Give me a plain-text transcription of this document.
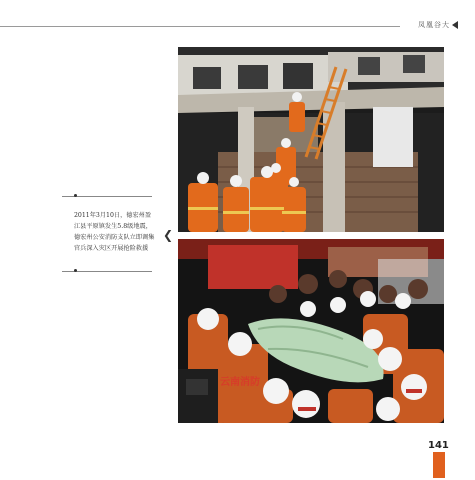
凤凰谷大
2011年3月10日，德宏州盈江县平原镇发生5.8级地震，德宏州公安消防支队立即调集官兵深入灾区开展抢险救援
❮
云南消防
141
